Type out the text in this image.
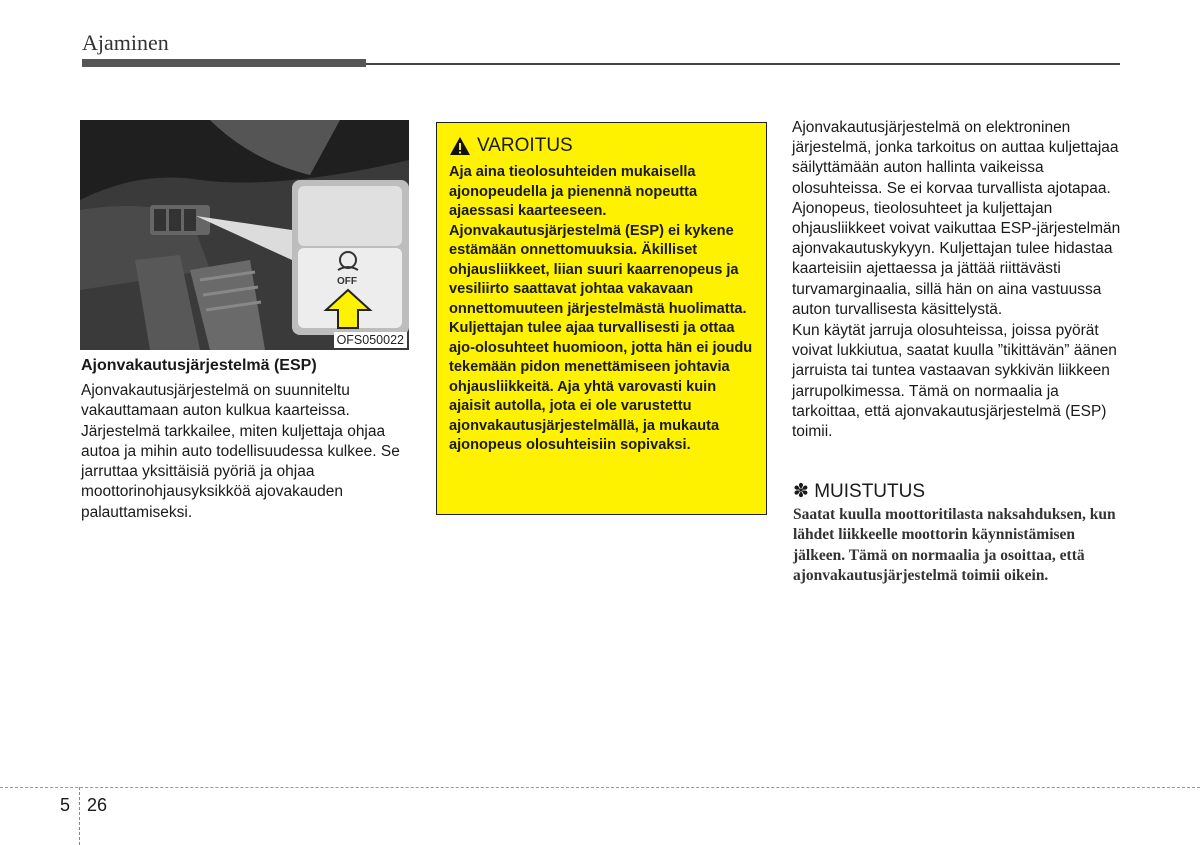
Ajaminen
OFF
OFS050022
Ajonvakautusjärjestelmä (ESP)
Ajonvakautusjärjestelmä on suunniteltu vakauttamaan auton kulkua kaarteissa. Järjestelmä tarkkailee, miten kuljettaja ohjaa autoa ja mihin auto todellisuudessa kulkee. Se jarruttaa yksittäisiä pyöriä ja ohjaa moottorinohjausyksikköä ajovakauden palauttamiseksi.
VAROITUS
Aja aina tieolosuhteiden mukaisella ajonopeudella ja pienennä nopeutta ajaessasi kaarteeseen. Ajonvakautusjärjestelmä (ESP) ei kykene estämään onnettomuuksia. Äkilliset ohjausliikkeet, liian suuri kaarrenopeus ja vesiliirto saattavat johtaa vakavaan onnettomuuteen järjestelmästä huolimatta. Kuljettajan tulee ajaa turvallisesti ja ottaa ajo-olosuhteet huomioon, jotta hän ei joudu tekemään pidon menettämiseen johtavia ohjausliikkeitä. Aja yhtä varovasti kuin ajaisit autolla, jota ei ole varustettu ajonvakautusjärjestelmällä, ja mukauta ajonopeus olosuhteisiin sopivaksi.

Ajonvakautusjärjestelmä on elektroninen järjestelmä, jonka tarkoitus on auttaa kuljettajaa säilyttämään auton hallinta vaikeissa olosuhteissa. Se ei korvaa turvallista ajotapaa. Ajonopeus, tieolosuhteet ja kuljettajan ohjausliikkeet voivat vaikuttaa ESP-järjestelmän ajonvakautuskykyyn. Kuljettajan tulee hidastaa kaarteisiin ajettaessa ja jättää riittävästi turvamarginaalia, sillä hän on aina vastuussa auton turvallisesta käsittelystä.

Kun käytät jarruja olosuhteissa, joissa pyörät voivat lukkiutua, saatat kuulla ”tikittävän” äänen jarruista tai tuntea vastaavan sykkivän liikkeen jarrupolkimessa. Tämä on normaalia ja tarkoittaa, että ajonvakautusjärjestelmä (ESP) toimii.

✽ MUISTUTUS
Saatat kuulla moottoritilasta naksahduksen, kun lähdet liikkeelle moottorin käynnistämisen jälkeen. Tämä on normaalia ja osoittaa, että ajonvakautusjärjestelmä toimii oikein.
5 26
